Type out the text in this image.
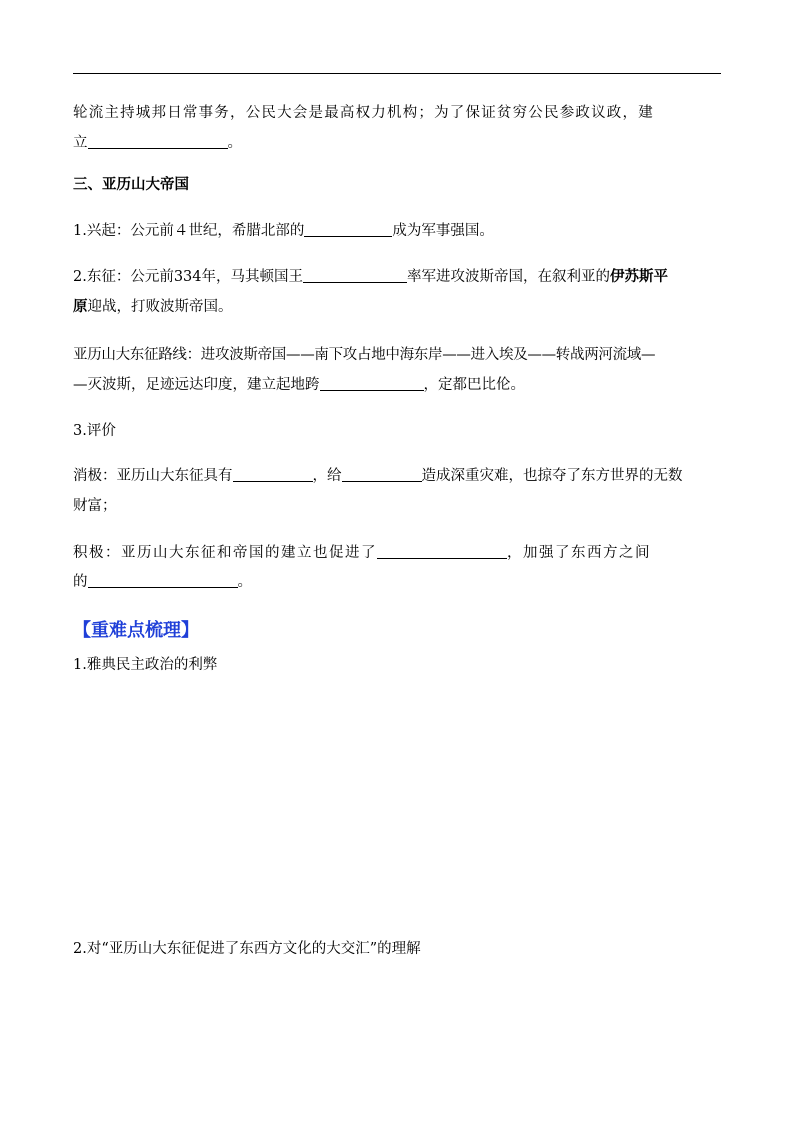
轮流主持城邦日常事务，公民大会是最高权力机构；为了保证贫穷公民参政议政，建
立	。
三、亚历山大帝国
1.兴起：公元前４世纪，希腊北部的	成为军事强国。
2.东征：公元前334年，马其顿国王	率军进攻波斯帝国，在叙利亚的伊苏斯平
原迎战，打败波斯帝国。
亚历山大东征路线：进攻波斯帝国——南下攻占地中海东岸——进入埃及——转战两河流域—
—灭波斯，足迹远达印度，建立起地跨	，定都巴比伦。
3.评价
消极：亚历山大东征具有	，给	造成深重灾难，也掠夺了东方世界的无数
财富；
积极：亚历山大东征和帝国的建立也促进了	，加强了东西方之间
的	。
【重难点梳理】
1.雅典民主政治的利弊
2.对“亚历山大东征促进了东西方文化的大交汇”的理解
